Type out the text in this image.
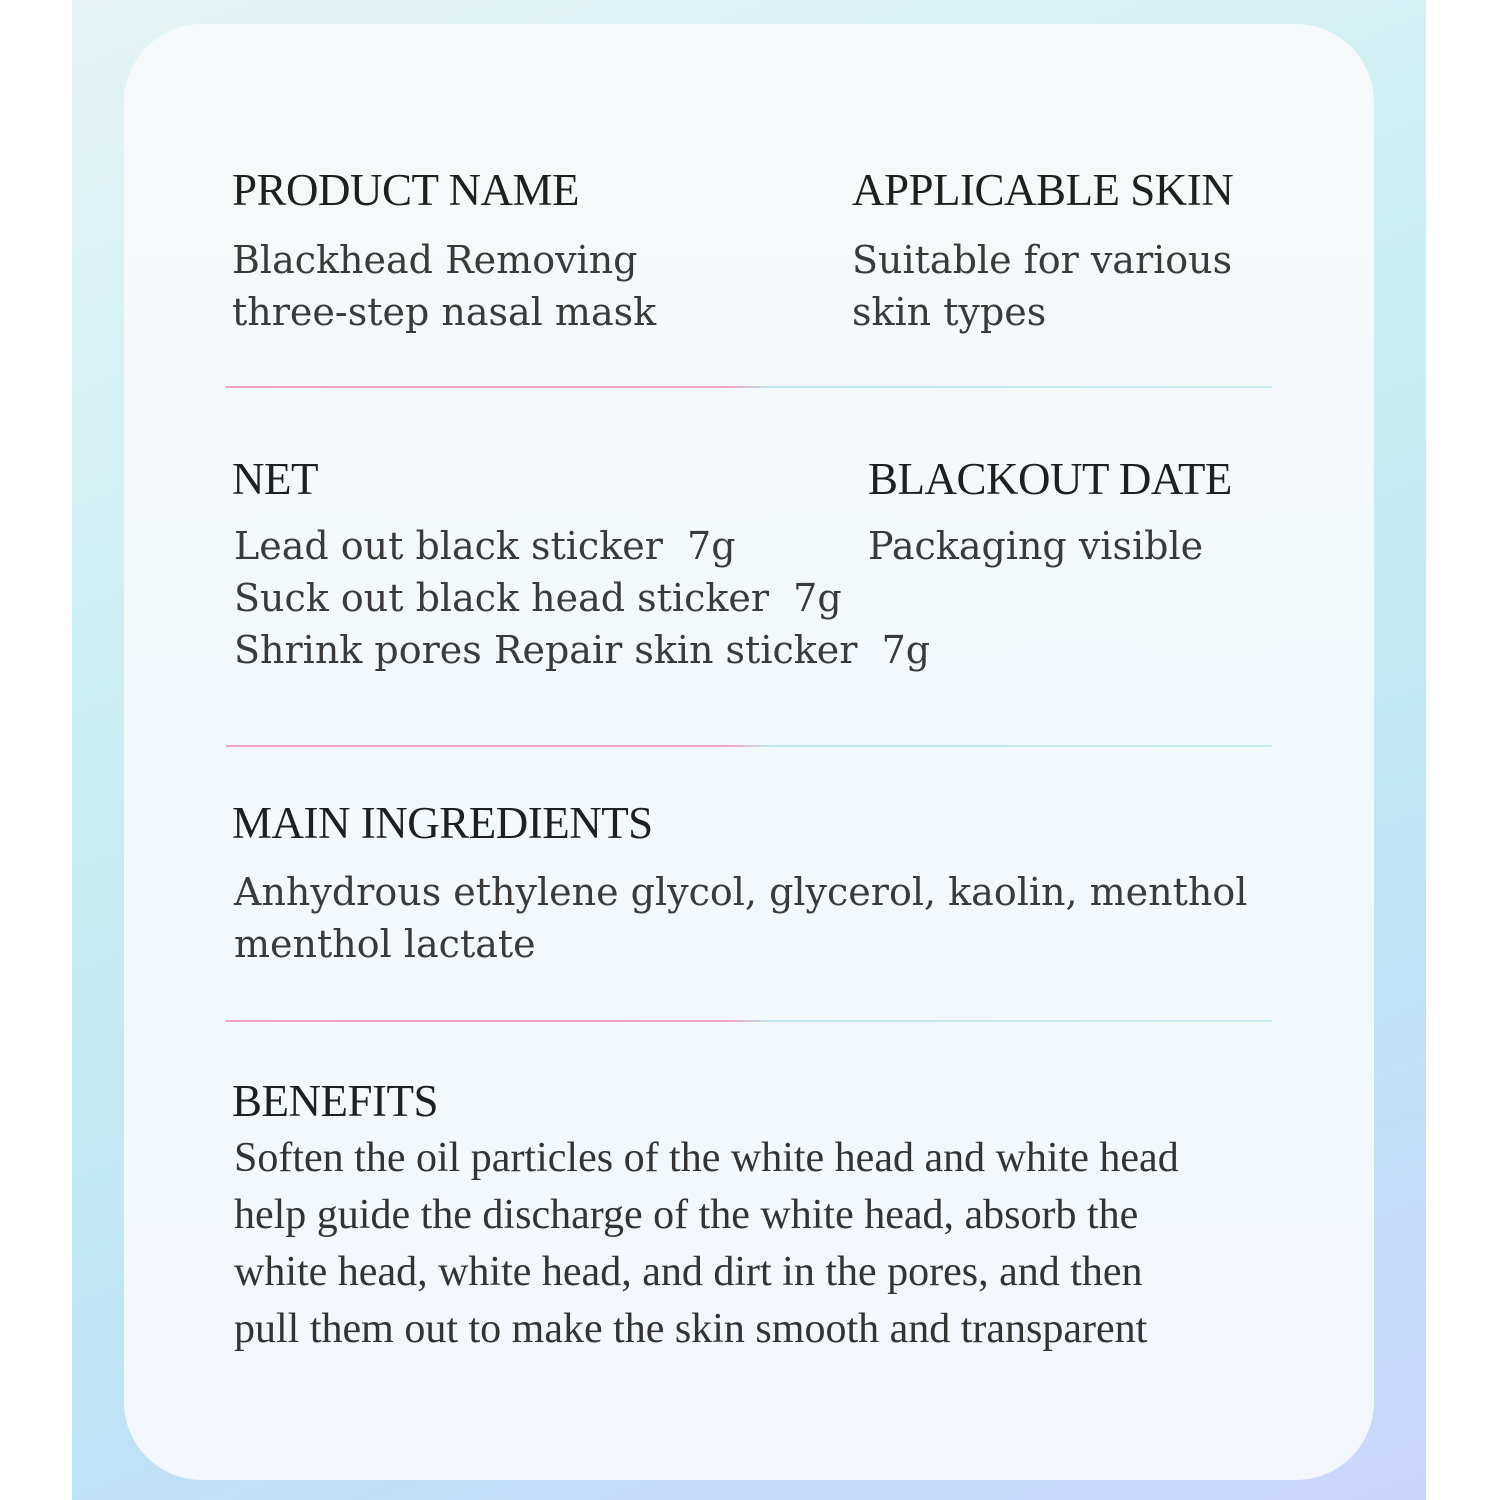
PRODUCT NAME

Blackhead Removing
three-step nasal mask

APPLICABLE SKIN

Suitable for various
skin types

NET

Lead out black sticker  7g

Suck out black head sticker  7g

Shrink pores Repair skin sticker  7g

BLACKOUT DATE

Packaging visible

MAIN INGREDIENTS

Anhydrous ethylene glycol, glycerol, kaolin, menthol
menthol lactate

BENEFITS

Soften the oil particles of the white head and white head
help guide the discharge of the white head, absorb the
white head, white head, and dirt in the pores, and then
pull them out to make the skin smooth and transparent
